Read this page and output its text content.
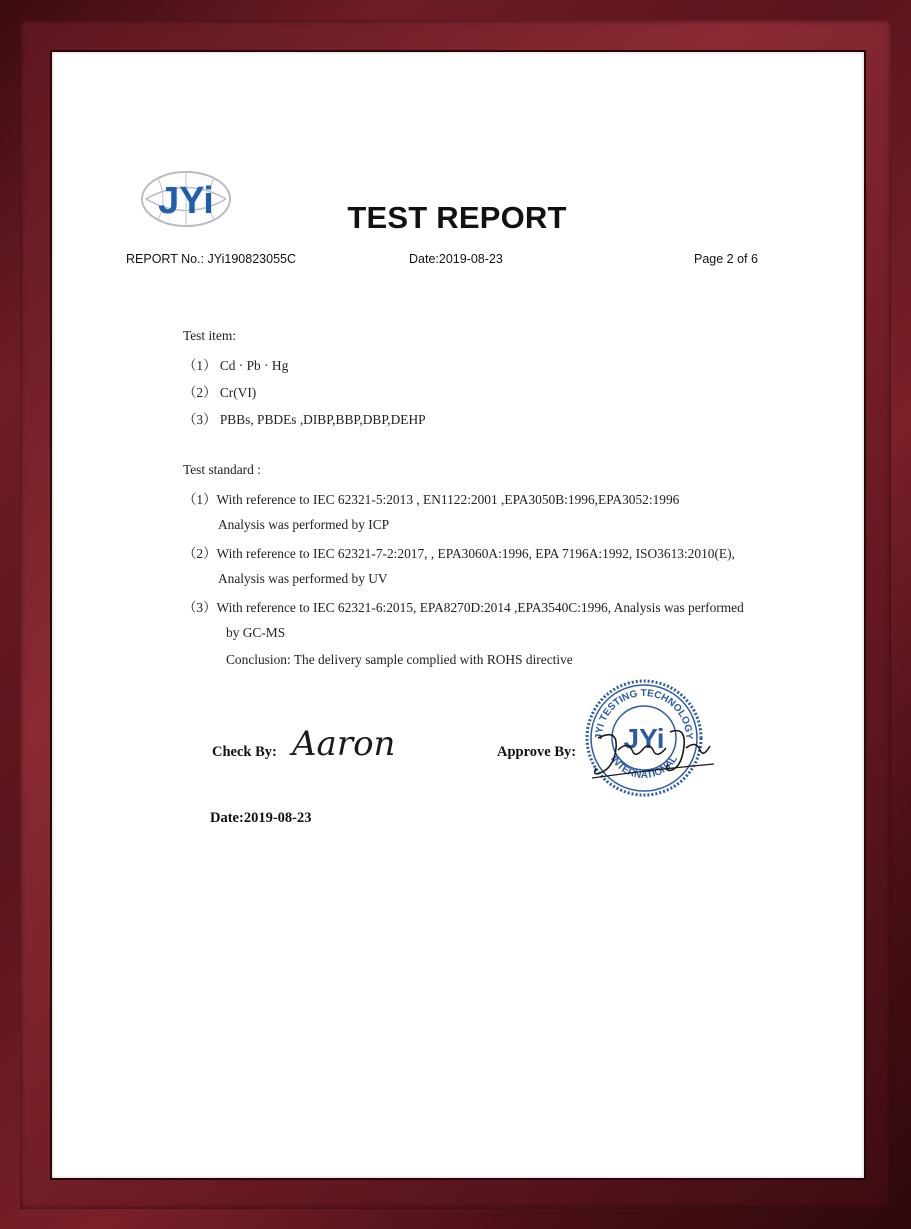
JYi	TEST REPORT
REPORT No.: JYi190823055C	Date:2019-08-23	Page 2 of 6
Test item:
（1） Cd · Pb · Hg
（2） Cr(VI)
（3） PBBs, PBDEs ,DIBP,BBP,DBP,DEHP
Test standard :
（1）With reference to IEC 62321-5:2013 , EN1122:2001 ,EPA3050B:1996,EPA3052:1996
Analysis was performed by ICP
（2）With reference to IEC 62321-7-2:2017, , EPA3060A:1996, EPA 7196A:1992, ISO3613:2010(E),
Analysis was performed by UV
（3）With reference to IEC 62321-6:2015, EPA8270D:2014 ,EPA3540C:1996, Analysis was performed
by GC-MS
Conclusion: The delivery sample complied with ROHS directive
Check By: Aaron	Approve By:
JYI TESTING TECHNOLOGY
INTERNATIONAL
JYi
Date:2019-08-23
